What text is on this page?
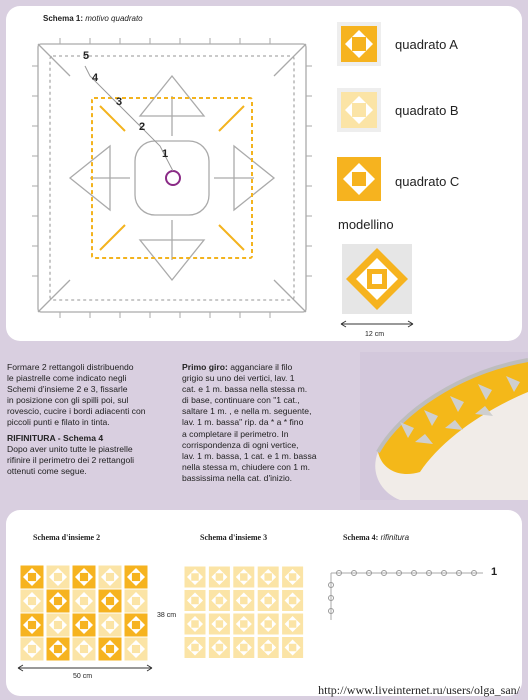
Schema 1: motivo quadrato
5
4
3
2
1
quadrato A
quadrato B
quadrato C
modellino
12 cm

Formare 2 rettangoli distribuendo

le piastrelle come indicato negli

Schemi d'insieme 2 e 3, fissarle

in posizione con gli spilli poi, sul

rovescio, cucire i bordi adiacenti con

piccoli punti e filato in tinta.

RIFINITURA - Schema 4

Dopo aver unito tutte le piastrelle

rifinire il perimetro dei 2 rettangoli

ottenuti come segue.

Primo giro: agganciare il filo

grigio su uno dei vertici, lav. 1

cat. e 1 m. bassa nella stessa m.

di base, continuare con "1 cat.,

saltare 1 m. , e nella m. seguente,

lav. 1 m. bassa" rip. da * a * fino

a completare il perimetro. In

corrispondenza di ogni vertice,

lav. 1 m. bassa, 1 cat. e 1 m. bassa

nella stessa m, chiudere con 1 m.

bassissima nella cat. d'inizio.

Schema d'insieme 2	Schema d'insieme 3	Schema 4: rifinitura
38 cm
50 cm
1
http://www.liveinternet.ru/users/olga_san/
